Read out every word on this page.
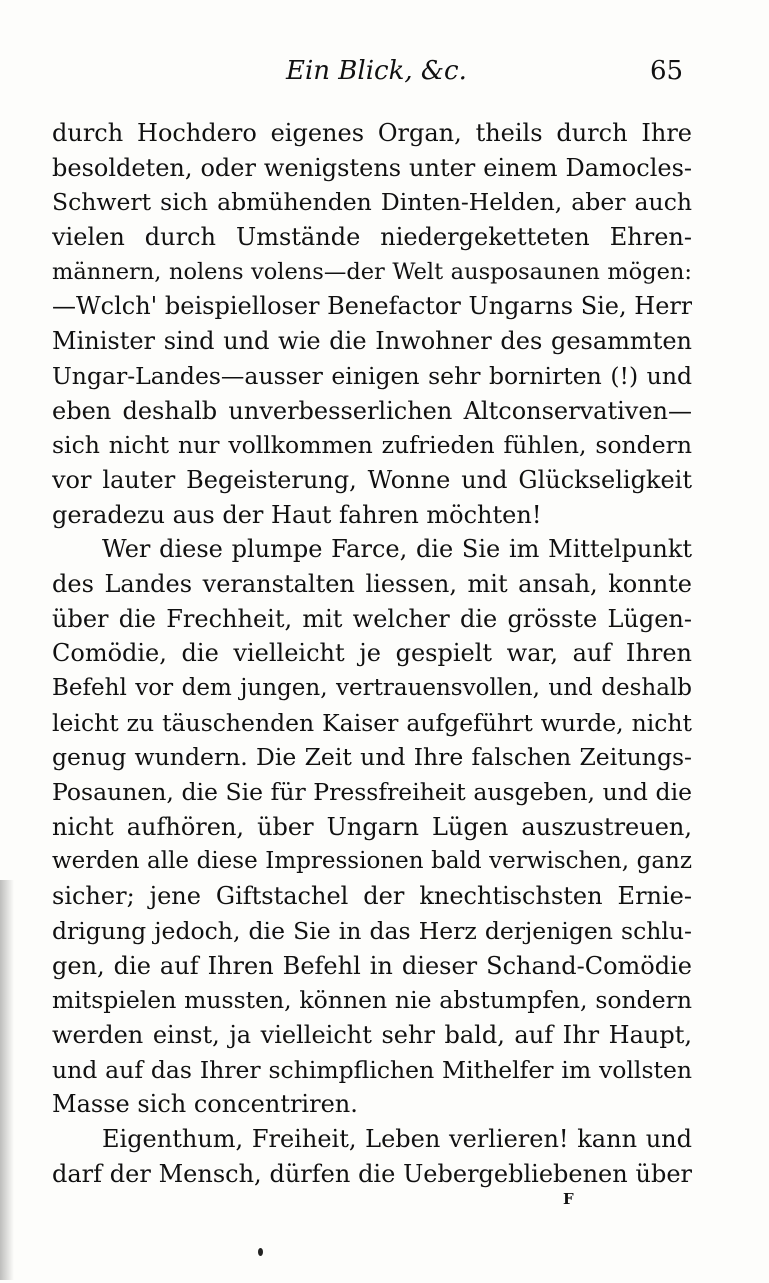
Ein Blick, &c.	65
durch Hochdero eigenes Organ, theils durch Ihre
besoldeten, oder wenigstens unter einem Damocles-
Schwert sich abmühenden Dinten-Helden, aber auch
vielen durch Umstände niedergeketteten Ehren-
männern, nolens volens—der Welt ausposaunen mögen:
—Wclch' beispielloser Benefactor Ungarns Sie, Herr
Minister sind und wie die Inwohner des gesammten
Ungar-Landes—ausser einigen sehr bornirten (!) und
eben deshalb unverbesserlichen Altconservativen—
sich nicht nur vollkommen zufrieden fühlen, sondern
vor lauter Begeisterung, Wonne und Glückseligkeit
geradezu aus der Haut fahren möchten!
Wer diese plumpe Farce, die Sie im Mittelpunkt
des Landes veranstalten liessen, mit ansah, konnte
über die Frechheit, mit welcher die grösste Lügen-
Comödie, die vielleicht je gespielt war, auf Ihren
Befehl vor dem jungen, vertrauensvollen, und deshalb
leicht zu täuschenden Kaiser aufgeführt wurde, nicht
genug wundern. Die Zeit und Ihre falschen Zeitungs-
Posaunen, die Sie für Pressfreiheit ausgeben, und die
nicht aufhören, über Ungarn Lügen auszustreuen,
werden alle diese Impressionen bald verwischen, ganz
sicher; jene Giftstachel der knechtischsten Ernie-
drigung jedoch, die Sie in das Herz derjenigen schlu-
gen, die auf Ihren Befehl in dieser Schand-Comödie
mitspielen mussten, können nie abstumpfen, sondern
werden einst, ja vielleicht sehr bald, auf Ihr Haupt,
und auf das Ihrer schimpflichen Mithelfer im vollsten
Masse sich concentriren.
Eigenthum, Freiheit, Leben verlieren! kann und
darf der Mensch, dürfen die Uebergebliebenen über
F
